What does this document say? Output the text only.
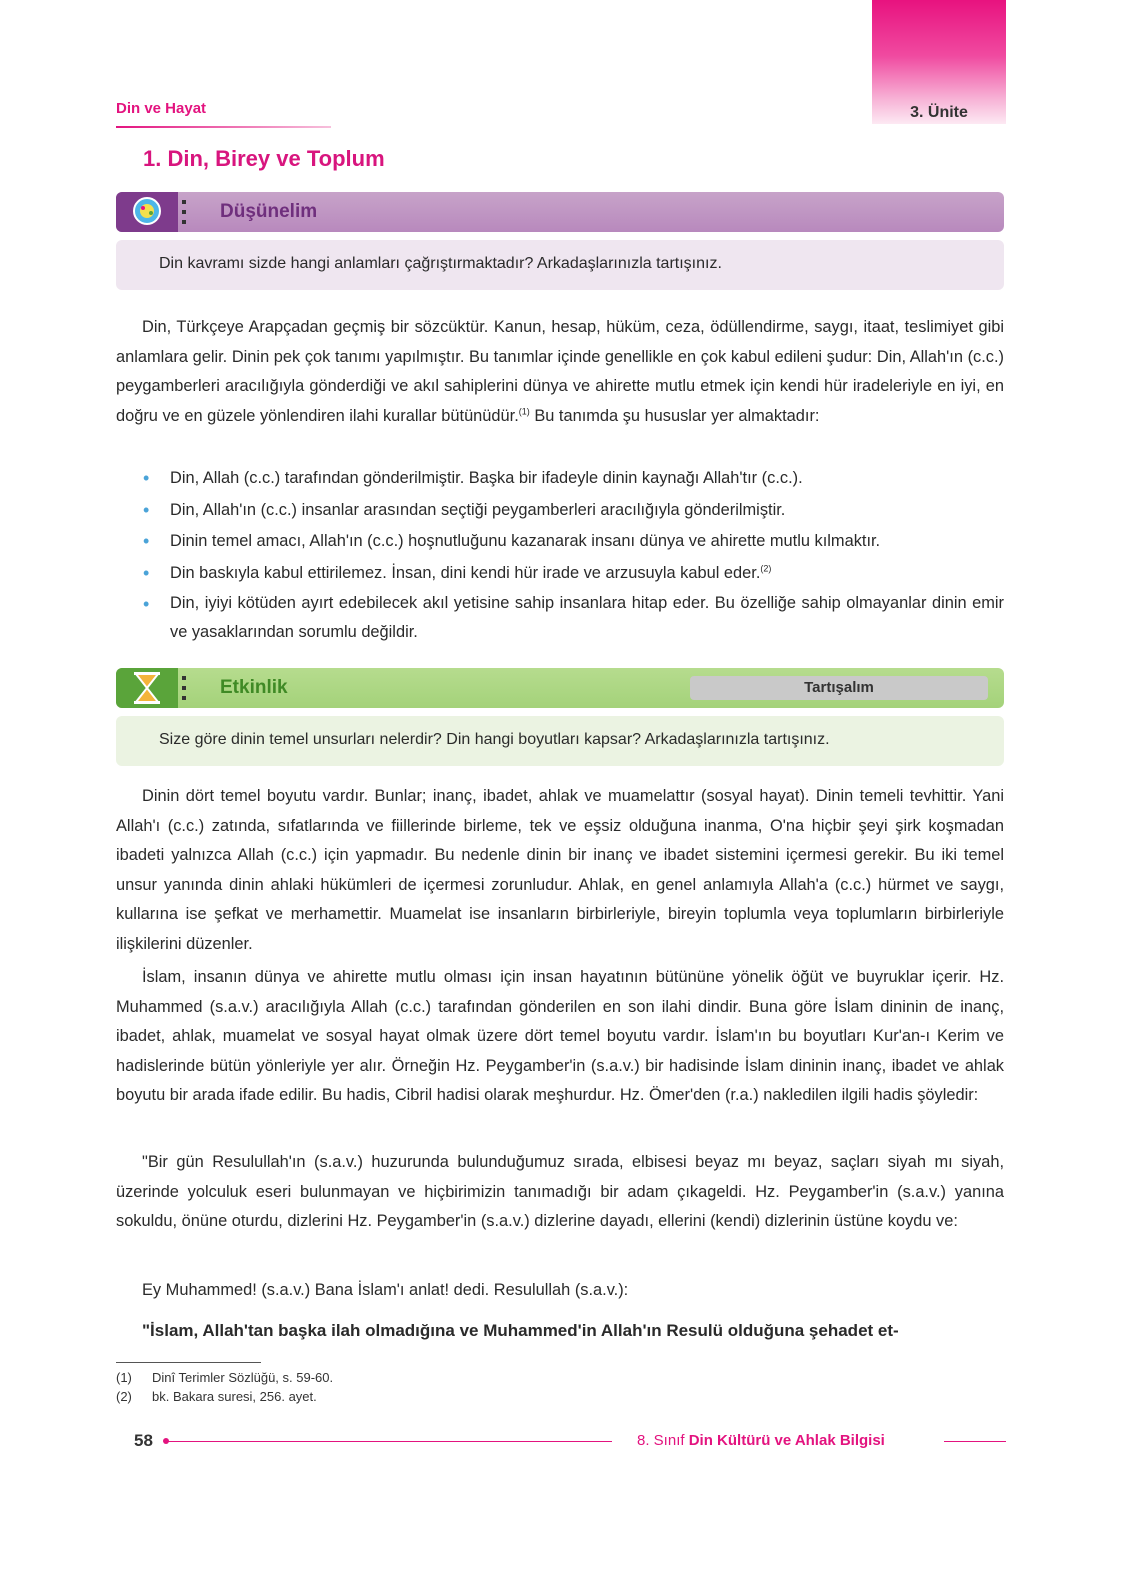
3. Ünite
Din ve Hayat
1. Din, Birey ve Toplum
Düşünelim
Din kavramı sizde hangi anlamları çağrıştırmaktadır? Arkadaşlarınızla tartışınız.

Din, Türkçeye Arapçadan geçmiş bir sözcüktür. Kanun, hesap, hüküm, ceza, ödüllendirme, saygı, itaat, teslimiyet gibi anlamlara gelir. Dinin pek çok tanımı yapılmıştır. Bu tanımlar içinde genellikle en çok kabul edileni şudur: Din, Allah'ın (c.c.) peygamberleri aracılığıyla gönderdiği ve akıl sahiplerini dünya ve ahirette mutlu etmek için kendi hür iradeleriyle en iyi, en doğru ve en güzele yönlendiren ilahi kurallar bütünüdür.$^{(1)}$ Bu tanımda şu hususlar yer almaktadır:

• Din, Allah (c.c.) tarafından gönderilmiştir. Başka bir ifadeyle dinin kaynağı Allah'tır (c.c.).
• Din, Allah'ın (c.c.) insanlar arasından seçtiği peygamberleri aracılığıyla gönderilmiştir.
• Dinin temel amacı, Allah'ın (c.c.) hoşnutluğunu kazanarak insanı dünya ve ahirette mutlu kılmaktır.
• Din baskıyla kabul ettirilemez. İnsan, dini kendi hür irade ve arzusuyla kabul eder.$^{(2)}$
• Din, iyiyi kötüden ayırt edebilecek akıl yetisine sahip insanlara hitap eder. Bu özelliğe sahip olmayanlar dinin emir ve yasaklarından sorumlu değildir.
Etkinlik	Tartışalım
Size göre dinin temel unsurları nelerdir? Din hangi boyutları kapsar? Arkadaşlarınızla tartışınız.

Dinin dört temel boyutu vardır. Bunlar; inanç, ibadet, ahlak ve muamelattır (sosyal hayat). Dinin temeli tevhittir. Yani Allah'ı (c.c.) zatında, sıfatlarında ve fiillerinde birleme, tek ve eşsiz olduğuna inanma, O'na hiçbir şeyi şirk koşmadan ibadeti yalnızca Allah (c.c.) için yapmadır. Bu nedenle dinin bir inanç ve ibadet sistemini içermesi gerekir. Bu iki temel unsur yanında dinin ahlaki hükümleri de içermesi zorunludur. Ahlak, en genel anlamıyla Allah'a (c.c.) hürmet ve saygı, kullarına ise şefkat ve merhamettir. Muamelat ise insanların birbirleriyle, bireyin toplumla veya toplumların birbirleriyle ilişkilerini düzenler.

İslam, insanın dünya ve ahirette mutlu olması için insan hayatının bütününe yönelik öğüt ve buyruklar içerir. Hz. Muhammed (s.a.v.) aracılığıyla Allah (c.c.) tarafından gönderilen en son ilahi dindir. Buna göre İslam dininin de inanç, ibadet, ahlak, muamelat ve sosyal hayat olmak üzere dört temel boyutu vardır. İslam'ın bu boyutları Kur'an-ı Kerim ve hadislerinde bütün yönleriyle yer alır. Örneğin Hz. Peygamber'in (s.a.v.) bir hadisinde İslam dininin inanç, ibadet ve ahlak boyutu bir arada ifade edilir. Bu hadis, Cibril hadisi olarak meşhurdur. Hz. Ömer'den (r.a.) nakledilen ilgili hadis şöyledir:

"Bir gün Resulullah'ın (s.a.v.) huzurunda bulunduğumuz sırada, elbisesi beyaz mı beyaz, saçları siyah mı siyah, üzerinde yolculuk eseri bulunmayan ve hiçbirimizin tanımadığı bir adam çıkageldi. Hz. Peygamber'in (s.a.v.) yanına sokuldu, önüne oturdu, dizlerini Hz. Peygamber'in (s.a.v.) dizlerine dayadı, ellerini (kendi) dizlerinin üstüne koydu ve:

Ey Muhammed! (s.a.v.) Bana İslam'ı anlat! dedi. Resulullah (s.a.v.):

"İslam, Allah'tan başka ilah olmadığına ve Muhammed'in Allah'ın Resulü olduğuna şehadet et-

(1) Dinî Terimler Sözlüğü, s. 59-60.
(2) bk. Bakara suresi, 256. ayet.
58	8. Sınıf Din Kültürü ve Ahlak Bilgisi
